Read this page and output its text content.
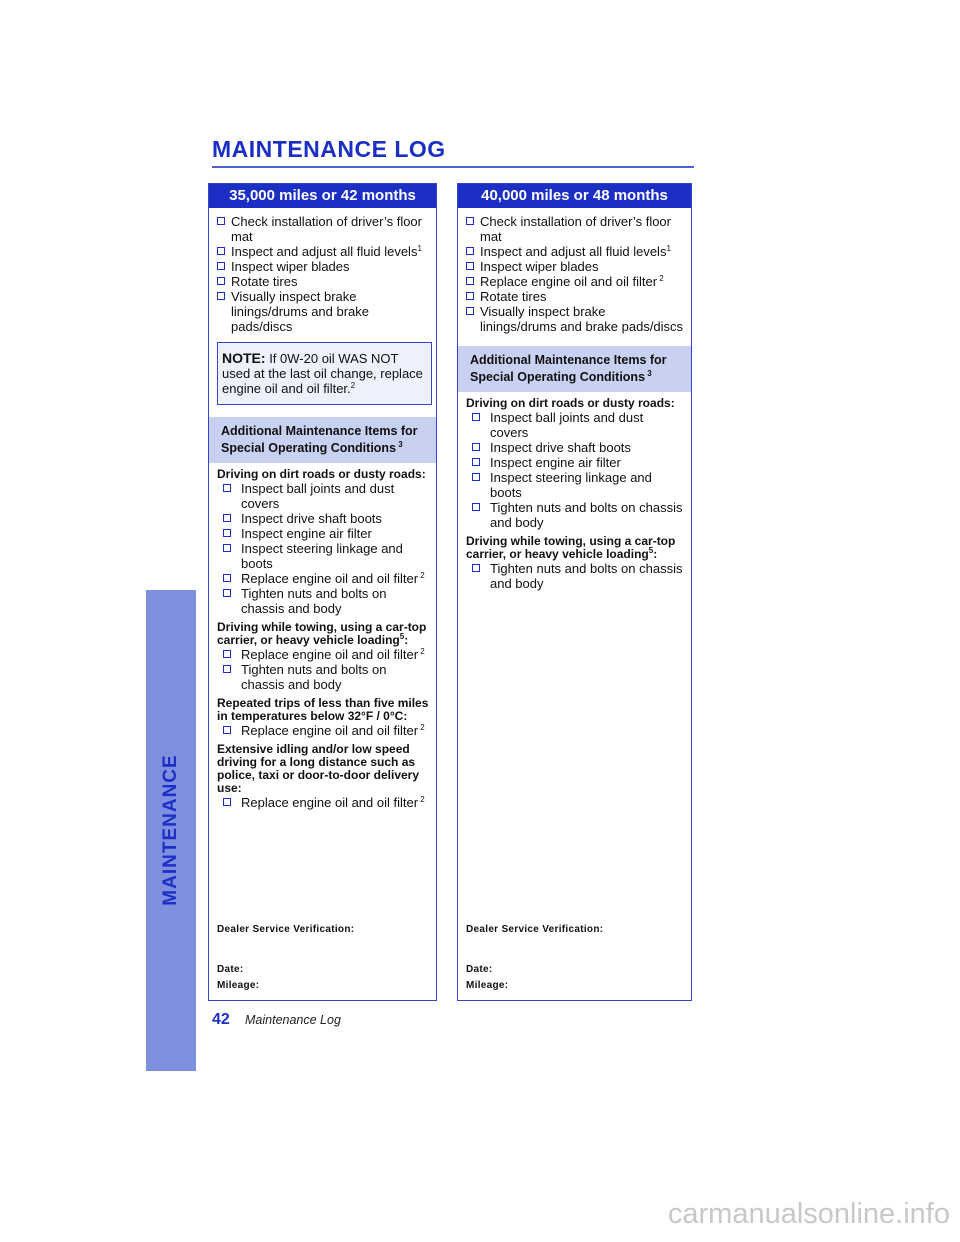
MAINTENANCE
MAINTENANCE LOG
35,000 miles or 42 months
Check installation of driver’s floor mat
Inspect and adjust all fluid levels$^1$
Inspect wiper blades
Rotate tires
Visually inspect brake linings/drums and brake pads/discs
NOTE: If 0W-20 oil WAS NOT used at the last oil change, replace engine oil and oil filter.$^2$
Additional Maintenance Items for Special Operating Conditions $^3$
Driving on dirt roads or dusty roads:
Inspect ball joints and dust covers
Inspect drive shaft boots
Inspect engine air filter
Inspect steering linkage and boots
Replace engine oil and oil filter $^2$
Tighten nuts and bolts on chassis and body
Driving while towing, using a car-top carrier, or heavy vehicle loading$^5$:
Replace engine oil and oil filter $^2$
Tighten nuts and bolts on chassis and body
Repeated trips of less than five miles in temperatures below 32°F / 0°C:
Replace engine oil and oil filter $^2$
Extensive idling and/or low speed driving for a long distance such as police, taxi or door-to-door delivery use:
Replace engine oil and oil filter $^2$
Dealer Service Verification:
Date:
Mileage:
40,000 miles or 48 months
Check installation of driver’s floor mat
Inspect and adjust all fluid levels$^1$
Inspect wiper blades
Replace engine oil and oil filter $^2$
Rotate tires
Visually inspect brake linings/drums and brake pads/discs
Additional Maintenance Items for Special Operating Conditions $^3$
Driving on dirt roads or dusty roads:
Inspect ball joints and dust covers
Inspect drive shaft boots
Inspect engine air filter
Inspect steering linkage and boots
Tighten nuts and bolts on chassis and body
Driving while towing, using a car-top carrier, or heavy vehicle loading$^5$:
Tighten nuts and bolts on chassis and body
Dealer Service Verification:
Date:
Mileage:
42 Maintenance Log
carmanualsonline.info
